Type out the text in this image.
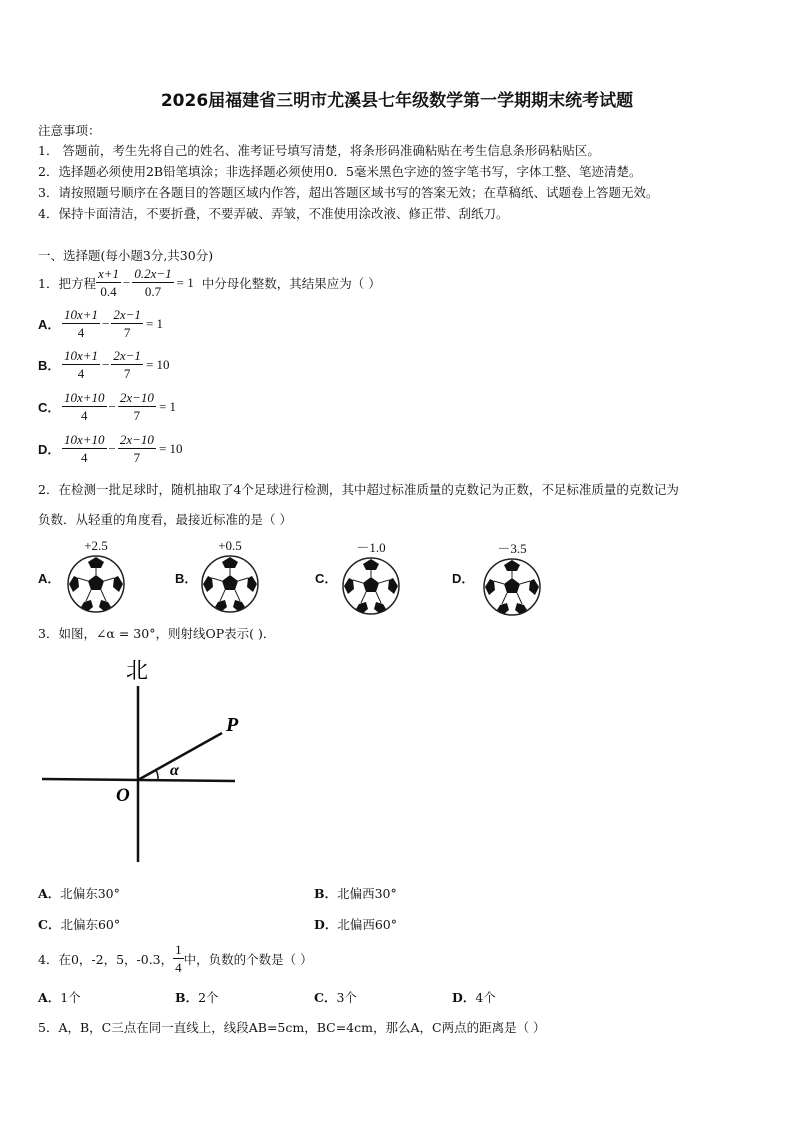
2026届福建省三明市尤溪县七年级数学第一学期期末统考试题
注意事项：
1． 答题前，考生先将自己的姓名、准考证号填写清楚，将条形码准确粘贴在考生信息条形码粘贴区。
2．选择题必须使用2B铅笔填涂；非选择题必须使用0．5毫米黑色字迹的签字笔书写，字体工整、笔迹清楚。
3．请按照题号顺序在各题目的答题区域内作答，超出答题区域书写的答案无效；在草稿纸、试题卷上答题无效。
4．保持卡面清洁，不要折叠，不要弄破、弄皱，不准使用涂改液、修正带、刮纸刀。
一、选择题(每小题3分,共30分)
1．把方程 $\frac{x+1}{0.4} - \frac{0.2x-1}{0.7} = 1$ 中分母化整数，其结果应为（ ）
A． $\frac{10x+1}{4} - \frac{2x-1}{7} = 1$
B． $\frac{10x+1}{4} - \frac{2x-1}{7} = 10$
C． $\frac{10x+10}{4} - \frac{2x-10}{7} = 1$
D． $\frac{10x+10}{4} - \frac{2x-10}{7} = 10$
2．在检测一批足球时，随机抽取了4个足球进行检测，其中超过标准质量的克数记为正数，不足标准质量的克数记为
负数．从轻重的角度看，最接近标准的是（ ）
A．
+2.5
B．
+0.5
C．
－1.0
D．
－3.5
3．如图，∠α = 30°，则射线OP表示( )．
北
P
O
α
A．北偏东30°	B．北偏西30°
C．北偏东60°	D．北偏西60°
4．在0，-2，5，-0.3， $\frac{1}{4}$ 中，负数的个数是（ ）
A．1个	B．2个	C．3个	D．4个
5．A，B，C三点在同一直线上，线段AB=5cm，BC=4cm，那么A，C两点的距离是（ ）
